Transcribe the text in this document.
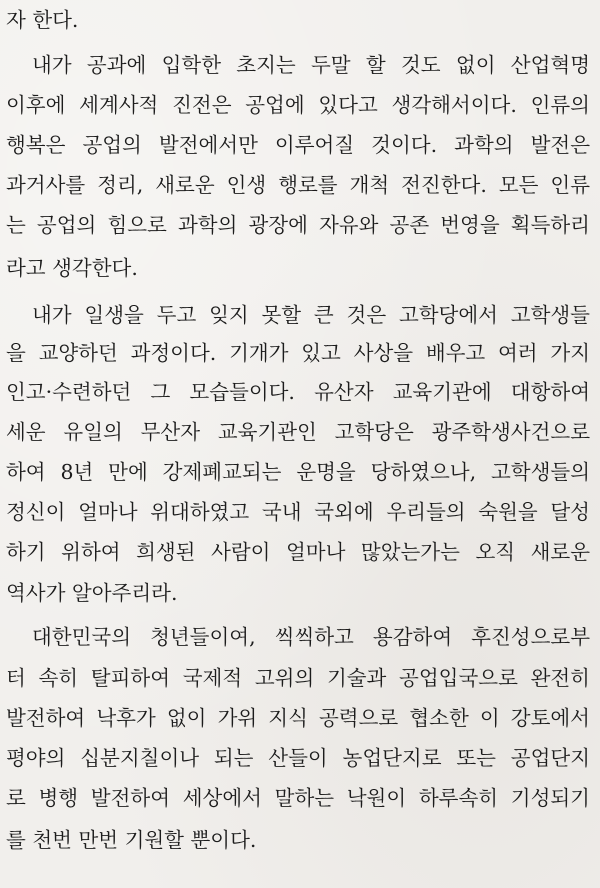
자 한다.
내가 공과에 입학한 초지는 두말 할 것도 없이 산업혁명
이후에 세계사적 진전은 공업에 있다고 생각해서이다. 인류의
행복은 공업의 발전에서만 이루어질 것이다. 과학의 발전은
과거사를 정리, 새로운 인생 행로를 개척 전진한다. 모든 인류
는 공업의 힘으로 과학의 광장에 자유와 공존 번영을 획득하리
라고 생각한다.
내가 일생을 두고 잊지 못할 큰 것은 고학당에서 고학생들
을 교양하던 과정이다. 기개가 있고 사상을 배우고 여러 가지
인고·수련하던 그 모습들이다. 유산자 교육기관에 대항하여
세운 유일의 무산자 교육기관인 고학당은 광주학생사건으로
하여 8년 만에 강제폐교되는 운명을 당하였으나, 고학생들의
정신이 얼마나 위대하였고 국내 국외에 우리들의 숙원을 달성
하기 위하여 희생된 사람이 얼마나 많았는가는 오직 새로운
역사가 알아주리라.
대한민국의 청년들이여, 씩씩하고 용감하여 후진성으로부
터 속히 탈피하여 국제적 고위의 기술과 공업입국으로 완전히
발전하여 낙후가 없이 가위 지식 공력으로 협소한 이 강토에서
평야의 십분지칠이나 되는 산들이 농업단지로 또는 공업단지
로 병행 발전하여 세상에서 말하는 낙원이 하루속히 기성되기
를 천번 만번 기원할 뿐이다.
